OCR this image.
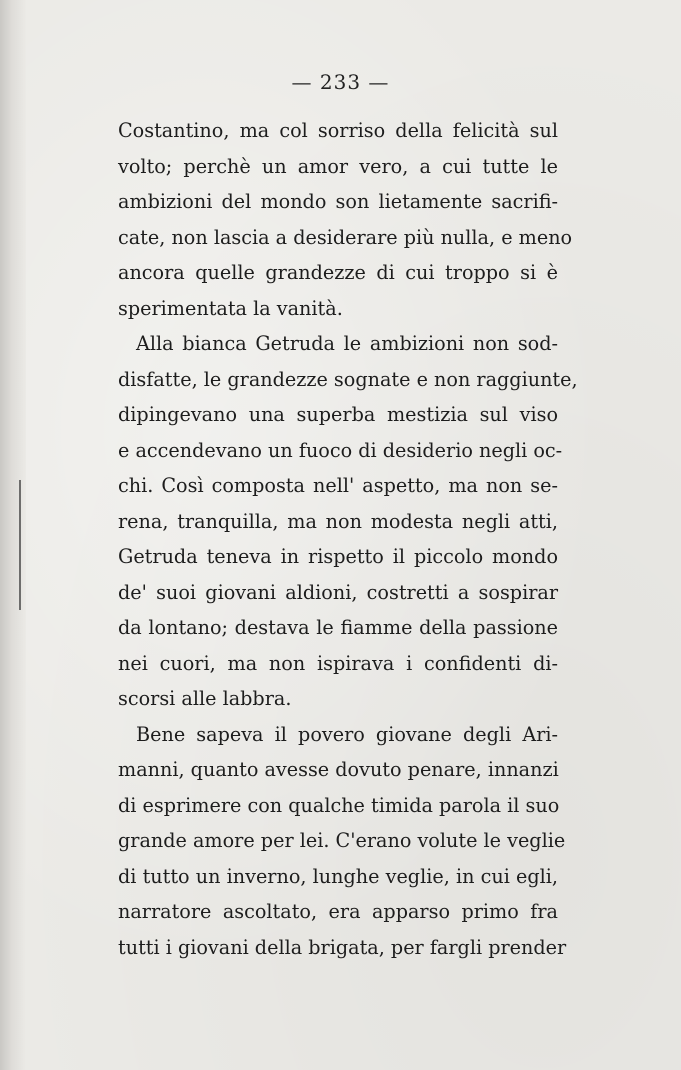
— 233 —
Costantino, ma col sorriso della felicità sul
volto; perchè un amor vero, a cui tutte le
ambizioni del mondo son lietamente sacrifi-
cate, non lascia a desiderare più nulla, e meno
ancora quelle grandezze di cui troppo si è
sperimentata la vanità.
Alla bianca Getruda le ambizioni non sod-
disfatte, le grandezze sognate e non raggiunte,
dipingevano una superba mestizia sul viso
e accendevano un fuoco di desiderio negli oc-
chi. Così composta nell' aspetto, ma non se-
rena, tranquilla, ma non modesta negli atti,
Getruda teneva in rispetto il piccolo mondo
de' suoi giovani aldioni, costretti a sospirar
da lontano; destava le fiamme della passione
nei cuori, ma non ispirava i confidenti di-
scorsi alle labbra.
Bene sapeva il povero giovane degli Ari-
manni, quanto avesse dovuto penare, innanzi
di esprimere con qualche timida parola il suo
grande amore per lei. C'erano volute le veglie
di tutto un inverno, lunghe veglie, in cui egli,
narratore ascoltato, era apparso primo fra
tutti i giovani della brigata, per fargli prender
